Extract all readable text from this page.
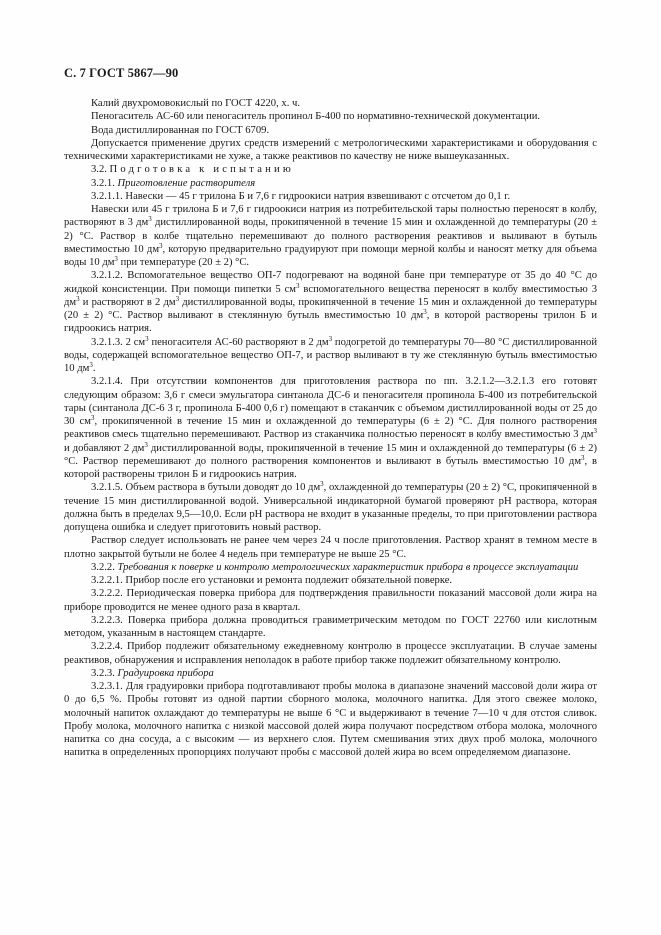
С. 7 ГОСТ 5867—90

Калий двухромовокислый по ГОСТ 4220, х. ч.

Пеногаситель АС-60 или пеногаситель пропинол Б-400 по нормативно-технической документации.

Вода дистиллированная по ГОСТ 6709.

Допускается применение других средств измерений с метрологическими характеристиками и оборудования с техническими характеристиками не хуже, а также реактивов по качеству не ниже вышеуказанных.

3.2. Подготовка к испытанию

3.2.1. Приготовление растворителя

3.2.1.1. Навески — 45 г трилона Б и 7,6 г гидроокиси натрия взвешивают с отсчетом до 0,1 г.

Навески или 45 г трилона Б и 7,6 г гидроокиси натрия из потребительской тары полностью переносят в колбу, растворяют в 3 $дм^3$ дистиллированной воды, прокипяченной в течение 15 мин и охлажденной до температуры (20 ± 2) °С. Раствор в колбе тщательно перемешивают до полного растворения реактивов и выливают в бутыль вместимостью 10 $дм^3$, которую предварительно градуируют при помощи мерной колбы и наносят метку для объема воды 10 $дм^3$ при температуре (20 ± 2) °С.

3.2.1.2. Вспомогательное вещество ОП-7 подогревают на водяной бане при температуре от 35 до 40 °С до жидкой консистенции. При помощи пипетки 5 $см^3$ вспомогательного вещества переносят в колбу вместимостью 3 $дм^3$ и растворяют в 2 $дм^3$ дистиллированной воды, прокипяченной в течение 15 мин и охлажденной до температуры (20 ± 2) °С. Раствор выливают в стеклянную бутыль вместимостью 10 $дм^3$, в которой растворены трилон Б и гидроокись натрия.

3.2.1.3. 2 $см^3$ пеногасителя АС-60 растворяют в 2 $дм^3$ подогретой до температуры 70—80 °С дистиллированной воды, содержащей вспомогательное вещество ОП-7, и раствор выливают в ту же стеклянную бутыль вместимостью 10 $дм^3$.

3.2.1.4. При отсутствии компонентов для приготовления раствора по пп. 3.2.1.2—3.2.1.3 его готовят следующим образом: 3,6 г смеси эмульгатора синтанола ДС-6 и пеногасителя пропинола Б-400 из потребительской тары (синтанола ДС-6 3 г, пропинола Б-400 0,6 г) помещают в стаканчик с объемом дистиллированной воды от 25 до 30 $см^3$, прокипяченной в течение 15 мин и охлажденной до температуры (6 ± 2) °С. Для полного растворения реактивов смесь тщательно перемешивают. Раствор из стаканчика полностью переносят в колбу вместимостью 3 $дм^3$ и добавляют 2 $дм^3$ дистиллированной воды, прокипяченной в течение 15 мин и охлажденной до температуры (6 ± 2) °С. Раствор перемешивают до полного растворения компонентов и выливают в бутыль вместимостью 10 $дм^3$, в которой растворены трилон Б и гидроокись натрия.

3.2.1.5. Объем раствора в бутыли доводят до 10 $дм^3$, охлажденной до температуры (20 ± 2) °С, прокипяченной в течение 15 мин дистиллированной водой. Универсальной индикаторной бумагой проверяют рН раствора, которая должна быть в пределах 9,5—10,0. Если рН раствора не входит в указанные пределы, то при приготовлении раствора допущена ошибка и следует приготовить новый раствор.

Раствор следует использовать не ранее чем через 24 ч после приготовления. Раствор хранят в темном месте в плотно закрытой бутыли не более 4 недель при температуре не выше 25 °С.

3.2.2. Требования к поверке и контролю метрологических характеристик прибора в процессе эксплуатации

3.2.2.1. Прибор после его установки и ремонта подлежит обязательной поверке.

3.2.2.2. Периодическая поверка прибора для подтверждения правильности показаний массовой доли жира на приборе проводится не менее одного раза в квартал.

3.2.2.3. Поверка прибора должна проводиться гравиметрическим методом по ГОСТ 22760 или кислотным методом, указанным в настоящем стандарте.

3.2.2.4. Прибор подлежит обязательному ежедневному контролю в процессе эксплуатации. В случае замены реактивов, обнаружения и исправления неполадок в работе прибор также подлежит обязательному контролю.

3.2.3. Градуировка прибора

3.2.3.1. Для градуировки прибора подготавливают пробы молока в диапазоне значений массовой доли жира от 0 до 6,5 %. Пробы готовят из одной партии сборного молока, молочного напитка. Для этого свежее молоко, молочный напиток охлаждают до температуры не выше 6 °С и выдерживают в течение 7—10 ч для отстоя сливок. Пробу молока, молочного напитка с низкой массовой долей жира получают посредством отбора молока, молочного напитка со дна сосуда, а с высоким — из верхнего слоя. Путем смешивания этих двух проб молока, молочного напитка в определенных пропорциях получают пробы с массовой долей жира во всем определяемом диапазоне.
